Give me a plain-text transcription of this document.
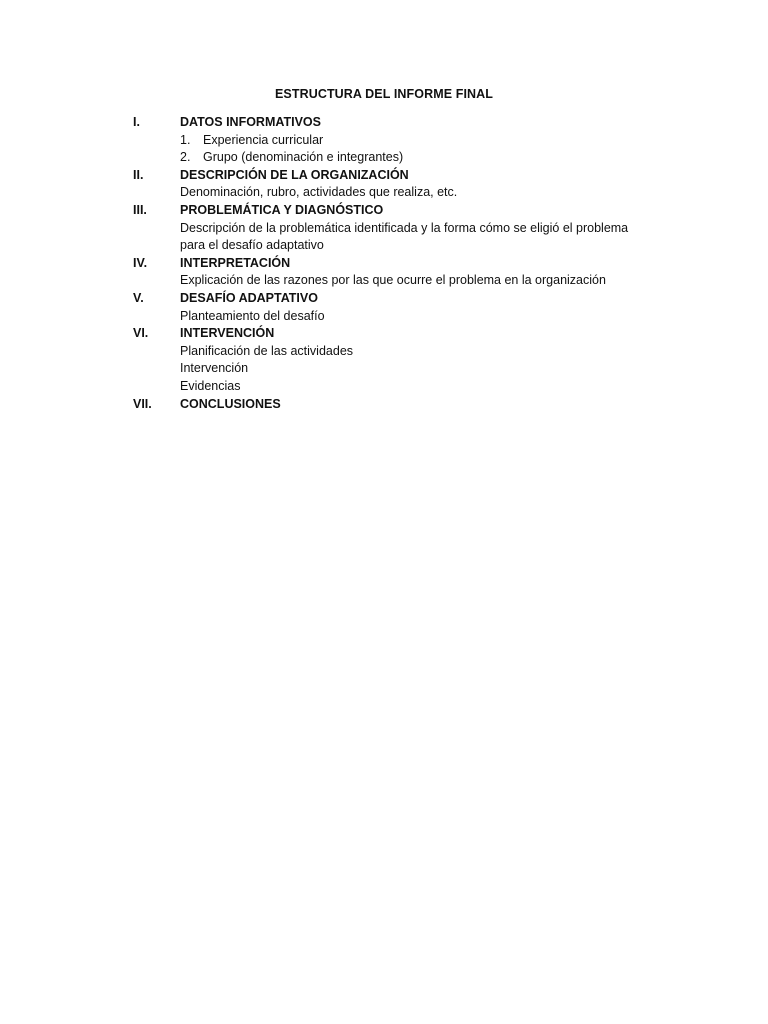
ESTRUCTURA DEL INFORME FINAL
I.	DATOS INFORMATIVOS
1.	Experiencia curricular
2.	Grupo (denominación e integrantes)
II.	DESCRIPCIÓN DE LA ORGANIZACIÓN
Denominación, rubro, actividades que realiza, etc.
III.	PROBLEMÁTICA Y DIAGNÓSTICO
Descripción de la problemática identificada y la forma cómo se eligió el problema
para el desafío adaptativo
IV.	INTERPRETACIÓN
Explicación de las razones por las que ocurre el problema en la organización
V.	DESAFÍO ADAPTATIVO
Planteamiento del desafío
VI.	INTERVENCIÓN
Planificación de las actividades
Intervención
Evidencias
VII.	CONCLUSIONES
